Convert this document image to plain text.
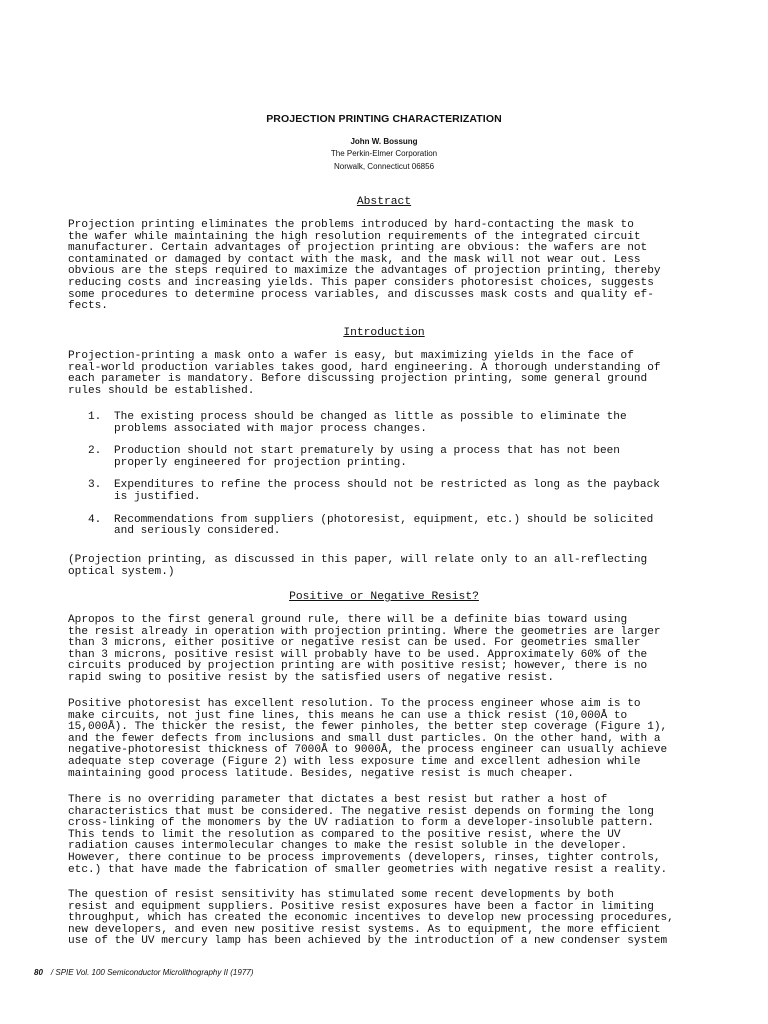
PROJECTION PRINTING CHARACTERIZATION
John W. Bossung
The Perkin-Elmer Corporation
Norwalk, Connecticut 06856
Abstract
Projection printing eliminates the problems introduced by hard-contacting the mask to
the wafer while maintaining the high resolution requirements of the integrated circuit
manufacturer. Certain advantages of projection printing are obvious: the wafers are not
contaminated or damaged by contact with the mask, and the mask will not wear out. Less
obvious are the steps required to maximize the advantages of projection printing, thereby
reducing costs and increasing yields. This paper considers photoresist choices, suggests
some procedures to determine process variables, and discusses mask costs and quality ef-
fects.
Introduction
Projection-printing a mask onto a wafer is easy, but maximizing yields in the face of
real-world production variables takes good, hard engineering. A thorough understanding of
each parameter is mandatory. Before discussing projection printing, some general ground
rules should be established.
1.	The existing process should be changed as little as possible to eliminate the
problems associated with major process changes.
2.	Production should not start prematurely by using a process that has not been
properly engineered for projection printing.
3.	Expenditures to refine the process should not be restricted as long as the payback
is justified.
4.	Recommendations from suppliers (photoresist, equipment, etc.) should be solicited
and seriously considered.
(Projection printing, as discussed in this paper, will relate only to an all-reflecting
optical system.)
Positive or Negative Resist?
Apropos to the first general ground rule, there will be a definite bias toward using
the resist already in operation with projection printing. Where the geometries are larger
than 3 microns, either positive or negative resist can be used. For geometries smaller
than 3 microns, positive resist will probably have to be used. Approximately 60% of the
circuits produced by projection printing are with positive resist; however, there is no
rapid swing to positive resist by the satisfied users of negative resist.
Positive photoresist has excellent resolution. To the process engineer whose aim is to
make circuits, not just fine lines, this means he can use a thick resist (10,000Å to
15,000Å). The thicker the resist, the fewer pinholes, the better step coverage (Figure 1),
and the fewer defects from inclusions and small dust particles. On the other hand, with a
negative-photoresist thickness of 7000Å to 9000Å, the process engineer can usually achieve
adequate step coverage (Figure 2) with less exposure time and excellent adhesion while
maintaining good process latitude. Besides, negative resist is much cheaper.
There is no overriding parameter that dictates a best resist but rather a host of
characteristics that must be considered. The negative resist depends on forming the long
cross-linking of the monomers by the UV radiation to form a developer-insoluble pattern.
This tends to limit the resolution as compared to the positive resist, where the UV
radiation causes intermolecular changes to make the resist soluble in the developer.
However, there continue to be process improvements (developers, rinses, tighter controls,
etc.) that have made the fabrication of smaller geometries with negative resist a reality.
The question of resist sensitivity has stimulated some recent developments by both
resist and equipment suppliers. Positive resist exposures have been a factor in limiting
throughput, which has created the economic incentives to develop new processing procedures,
new developers, and even new positive resist systems. As to equipment, the more efficient
use of the UV mercury lamp has been achieved by the introduction of a new condenser system
80 / SPIE Vol. 100 Semiconductor Microlithography II (1977)
